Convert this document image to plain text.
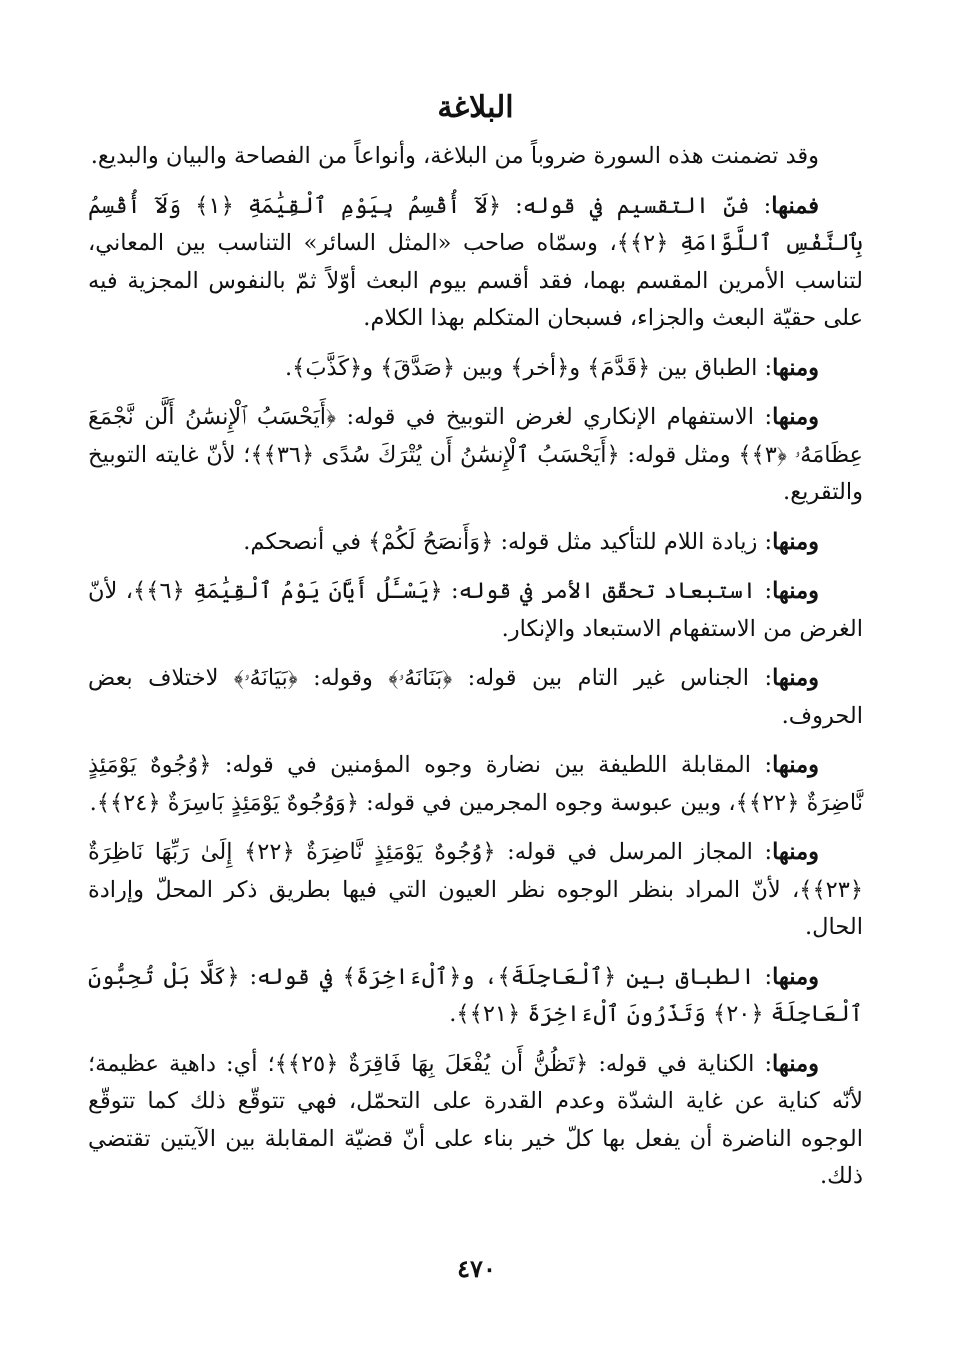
البلاغة

وقد تضمنت هذه السورة ضروباً من البلاغة، وأنواعاً من الفصاحة والبيان والبديع.

فمنها: فنّ التقسيم في قوله: ﴿لَآ أُقْسِمُ بِيَوْمِ ٱلْقِيَٰمَةِ ﴿١﴾ وَلَآ أُقْسِمُ بِٱلنَّفْسِ ٱللَّوَّامَةِ ﴿٢﴾﴾، وسمّاه صاحب «المثل السائر» التناسب بين المعاني، لتناسب الأمرين المقسم بهما، فقد أقسم بيوم البعث أوّلاً ثمّ بالنفوس المجزية فيه على حقيّة البعث والجزاء، فسبحان المتكلم بهذا الكلام.

ومنها: الطباق بين ﴿قَدَّمَ﴾ و﴿أخر﴾ وبين ﴿صَدَّقَ﴾ و﴿كَذَّبَ﴾.

ومنها: الاستفهام الإنكاري لغرض التوبيخ في قوله: ﴿أَيَحْسَبُ ٱلْإِنسَٰنُ أَلَّن نَّجْمَعَ عِظَامَهُۥ ﴿٣﴾﴾ ومثل قوله: ﴿أَيَحْسَبُ ٱلْإِنسَٰنُ أَن يُتْرَكَ سُدًى ﴿٣٦﴾﴾؛ لأنّ غايته التوبيخ والتقريع.

ومنها: زيادة اللام للتأكيد مثل قوله: ﴿وَأَنصَحُ لَكُمْ﴾ في أنصحكم.

ومنها: استبعاد تحقّق الأمر في قوله: ﴿يَسْـَٔلُ أَيَّانَ يَوْمُ ٱلْقِيَٰمَةِ ﴿٦﴾﴾، لأنّ الغرض من الاستفهام الاستبعاد والإنكار.

ومنها: الجناس غير التام بين قوله: ﴿بَنَانَهُۥ﴾ وقوله: ﴿بَيَانَهُۥ﴾ لاختلاف بعض الحروف.

ومنها: المقابلة اللطيفة بين نضارة وجوه المؤمنين في قوله: ﴿وُجُوهٌ يَوْمَئِذٍ نَّاضِرَةٌ ﴿٢٢﴾﴾، وبين عبوسة وجوه المجرمين في قوله: ﴿وَوُجُوهٌ يَوْمَئِذٍ بَاسِرَةٌ ﴿٢٤﴾﴾.

ومنها: المجاز المرسل في قوله: ﴿وُجُوهٌ يَوْمَئِذٍ نَّاضِرَةٌ ﴿٢٢﴾ إِلَىٰ رَبِّهَا نَاظِرَةٌ ﴿٢٣﴾﴾، لأنّ المراد بنظر الوجوه نظر العيون التي فيها بطريق ذكر المحلّ وإرادة الحال.

ومنها: الطباق بين ﴿ٱلْعَاجِلَةَ﴾، و﴿ٱلْءَاخِرَةَ﴾ في قوله: ﴿كَلَّا بَلْ تُحِبُّونَ ٱلْعَاجِلَةَ ﴿٢٠﴾ وَتَذَرُونَ ٱلْءَاخِرَةَ ﴿٢١﴾﴾.

ومنها: الكناية في قوله: ﴿تَظُنُّ أَن يُفْعَلَ بِهَا فَاقِرَةٌ ﴿٢٥﴾﴾؛ أي: داهية عظيمة؛ لأنّه كناية عن غاية الشدّة وعدم القدرة على التحمّل، فهي تتوقّع ذلك كما تتوقّع الوجوه الناضرة أن يفعل بها كلّ خير بناء على أنّ قضيّة المقابلة بين الآيتين تقتضي ذلك.

٤٧٠
